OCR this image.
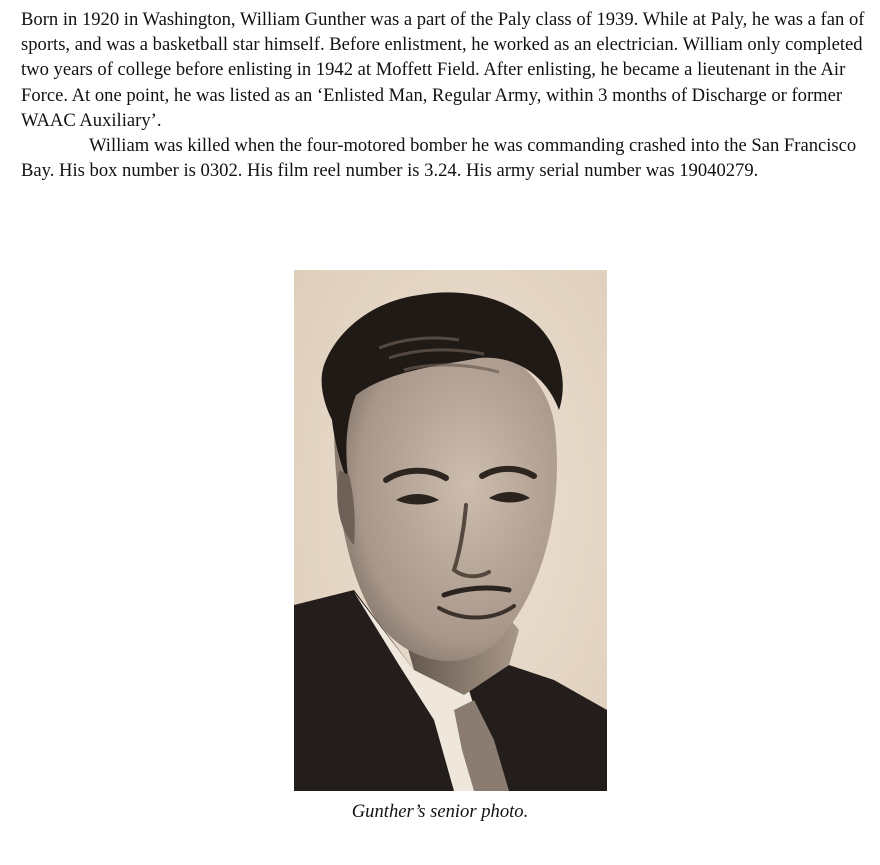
Born in 1920 in Washington, William Gunther was a part of the Paly class of 1939. While at Paly, he was a fan of sports, and was a basketball star himself. Before enlistment, he worked as an electrician. William only completed two years of college before enlisting in 1942 at Moffett Field. After enlisting, he became a lieutenant in the Air Force. At one point, he was listed as an ‘Enlisted Man, Regular Army, within 3 months of Discharge or former WAAC Auxiliary’.

William was killed when the four-motored bomber he was commanding crashed into the San Francisco Bay. His box number is 0302. His film reel number is 3.24. His army serial number was 19040279.

Gunther’s senior photo.
